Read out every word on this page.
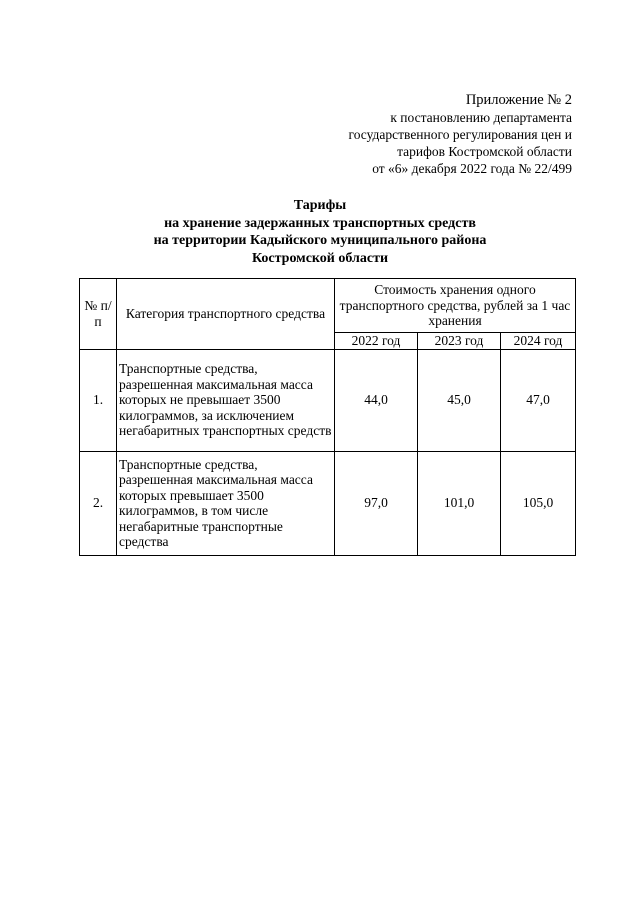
Приложение № 2
к постановлению департамента
государственного регулирования цен и
тарифов Костромской области
от «6» декабря 2022 года № 22/499
Тарифы
на хранение задержанных транспортных средств
на территории Кадыйского муниципального района
Костромской области
№ п/п	Категория транспортного средства	Стоимость хранения одного транспортного средства, рублей за 1 час хранения		
		2022 год	2023 год	2024 год
1.	Транспортные средства, разрешенная максимальная масса которых не превышает 3500 килограммов, за исключением негабаритных транспортных средств	44,0	45,0	47,0
2.	Транспортные средства, разрешенная максимальная масса которых превышает 3500 килограммов, в том числе негабаритные транспортные средства	97,0	101,0	105,0
